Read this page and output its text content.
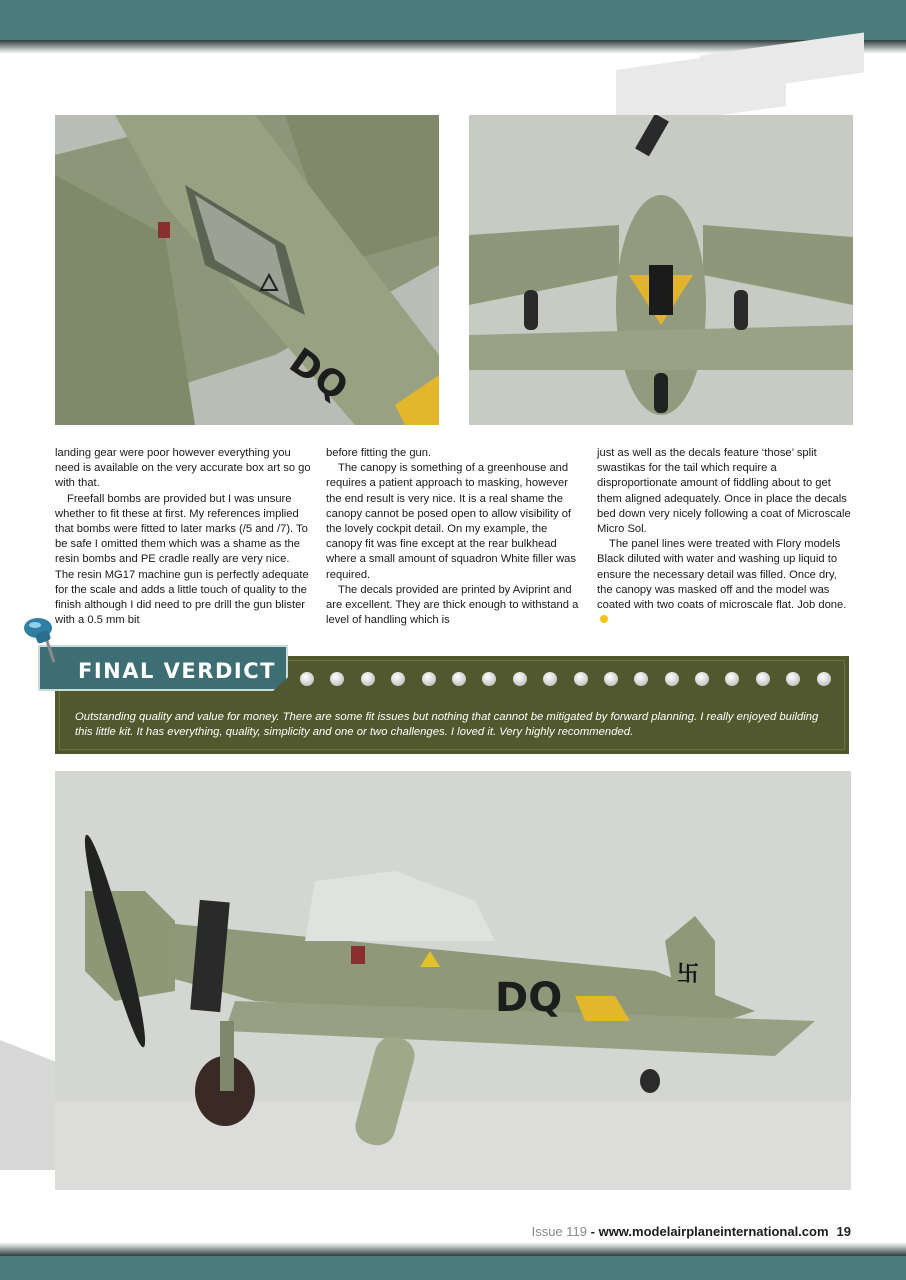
DQ

landing gear were poor however everything you need is available on the very accurate box art so go with that.

Freefall bombs are provided but I was unsure whether to fit these at first. My references implied that bombs were fitted to later marks (/5 and /7). To be safe I omitted them which was a shame as the resin bombs and PE cradle really are very nice. The resin MG17 machine gun is perfectly adequate for the scale and adds a little touch of quality to the finish although I did need to pre drill the gun blister with a 0.5 mm bit

before fitting the gun.

The canopy is something of a greenhouse and requires a patient approach to masking, however the end result is very nice. It is a real shame the canopy cannot be posed open to allow visibility of the lovely cockpit detail. On my example, the canopy fit was fine except at the rear bulkhead where a small amount of squadron White filler was required.

The decals provided are printed by Aviprint and are excellent. They are thick enough to withstand a level of handling which is

just as well as the decals feature ‘those’ split swastikas for the tail which require a disproportionate amount of fiddling about to get them aligned adequately. Once in place the decals bed down very nicely following a coat of Microscale Micro Sol.

The panel lines were treated with Flory models Black diluted with water and washing up liquid to ensure the necessary detail was filled. Once dry, the canopy was masked off and the model was coated with two coats of microscale flat. Job done.

FINAL VERDICT
Outstanding quality and value for money. There are some fit issues but nothing that cannot be mitigated by forward planning. I really enjoyed building this little kit. It has everything, quality, simplicity and one or two challenges. I loved it. Very highly recommended.
DQ
卐
Issue 119 - www.modelairplaneinternational.com 19
